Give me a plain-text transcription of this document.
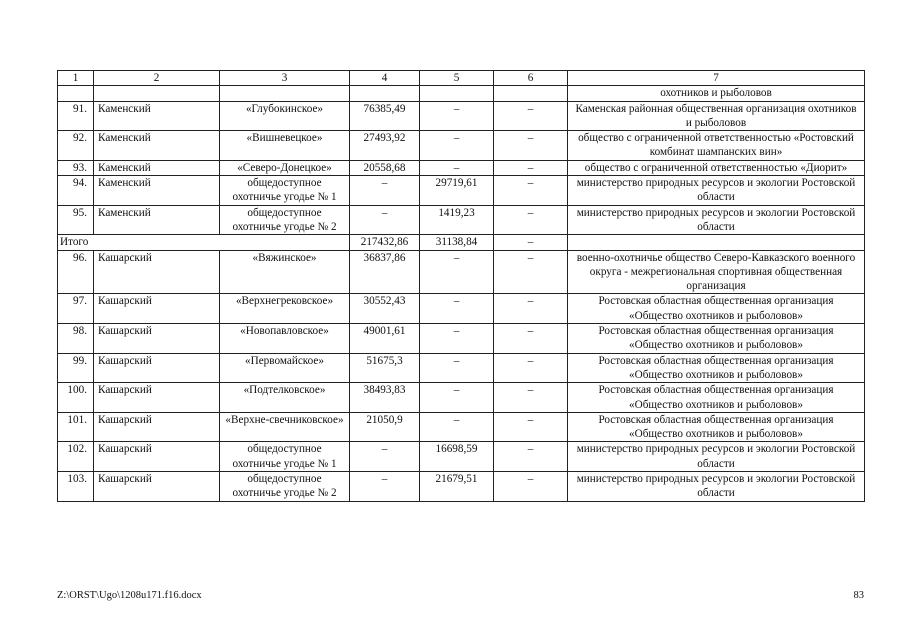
1	2	3	4	5	6	7
						охотников и рыболовов
91.	Каменский	«Глубокинское»	76385,49	–	–	Каменская районная общественная организация охотников и рыболовов
92.	Каменский	«Вишневецкое»	27493,92	–	–	общество с ограниченной ответственностью «Ростовский комбинат шампанских вин»
93.	Каменский	«Северо-Донецкое»	20558,68	–	–	общество с ограниченной ответственностью «Диорит»
94.	Каменский	общедоступное охотничье угодье № 1	–	29719,61	–	министерство природных ресурсов и экологии Ростовской области
95.	Каменский	общедоступное охотничье угодье № 2	–	1419,23	–	министерство природных ресурсов и экологии Ростовской области
Итого			217432,86	31138,84	–	
96.	Кашарский	«Вяжинское»	36837,86	–	–	военно-охотничье общество Северо-Кавказского военного округа - межрегиональная спортивная общественная организация
97.	Кашарский	«Верхнегрековское»	30552,43	–	–	Ростовская областная общественная организация «Общество охотников и рыболовов»
98.	Кашарский	«Новопавловское»	49001,61	–	–	Ростовская областная общественная организация «Общество охотников и рыболовов»
99.	Кашарский	«Первомайское»	51675,3	–	–	Ростовская областная общественная организация «Общество охотников и рыболовов»
100.	Кашарский	«Подтелковское»	38493,83	–	–	Ростовская областная общественная организация «Общество охотников и рыболовов»
101.	Кашарский	«Верхне-свечниковское»	21050,9	–	–	Ростовская областная общественная организация «Общество охотников и рыболовов»
102.	Кашарский	общедоступное охотничье угодье № 1	–	16698,59	–	министерство природных ресурсов и экологии Ростовской области
103.	Кашарский	общедоступное охотничье угодье № 2	–	21679,51	–	министерство природных ресурсов и экологии Ростовской области
Z:\ORST\Ugo\1208u171.f16.docx	83
